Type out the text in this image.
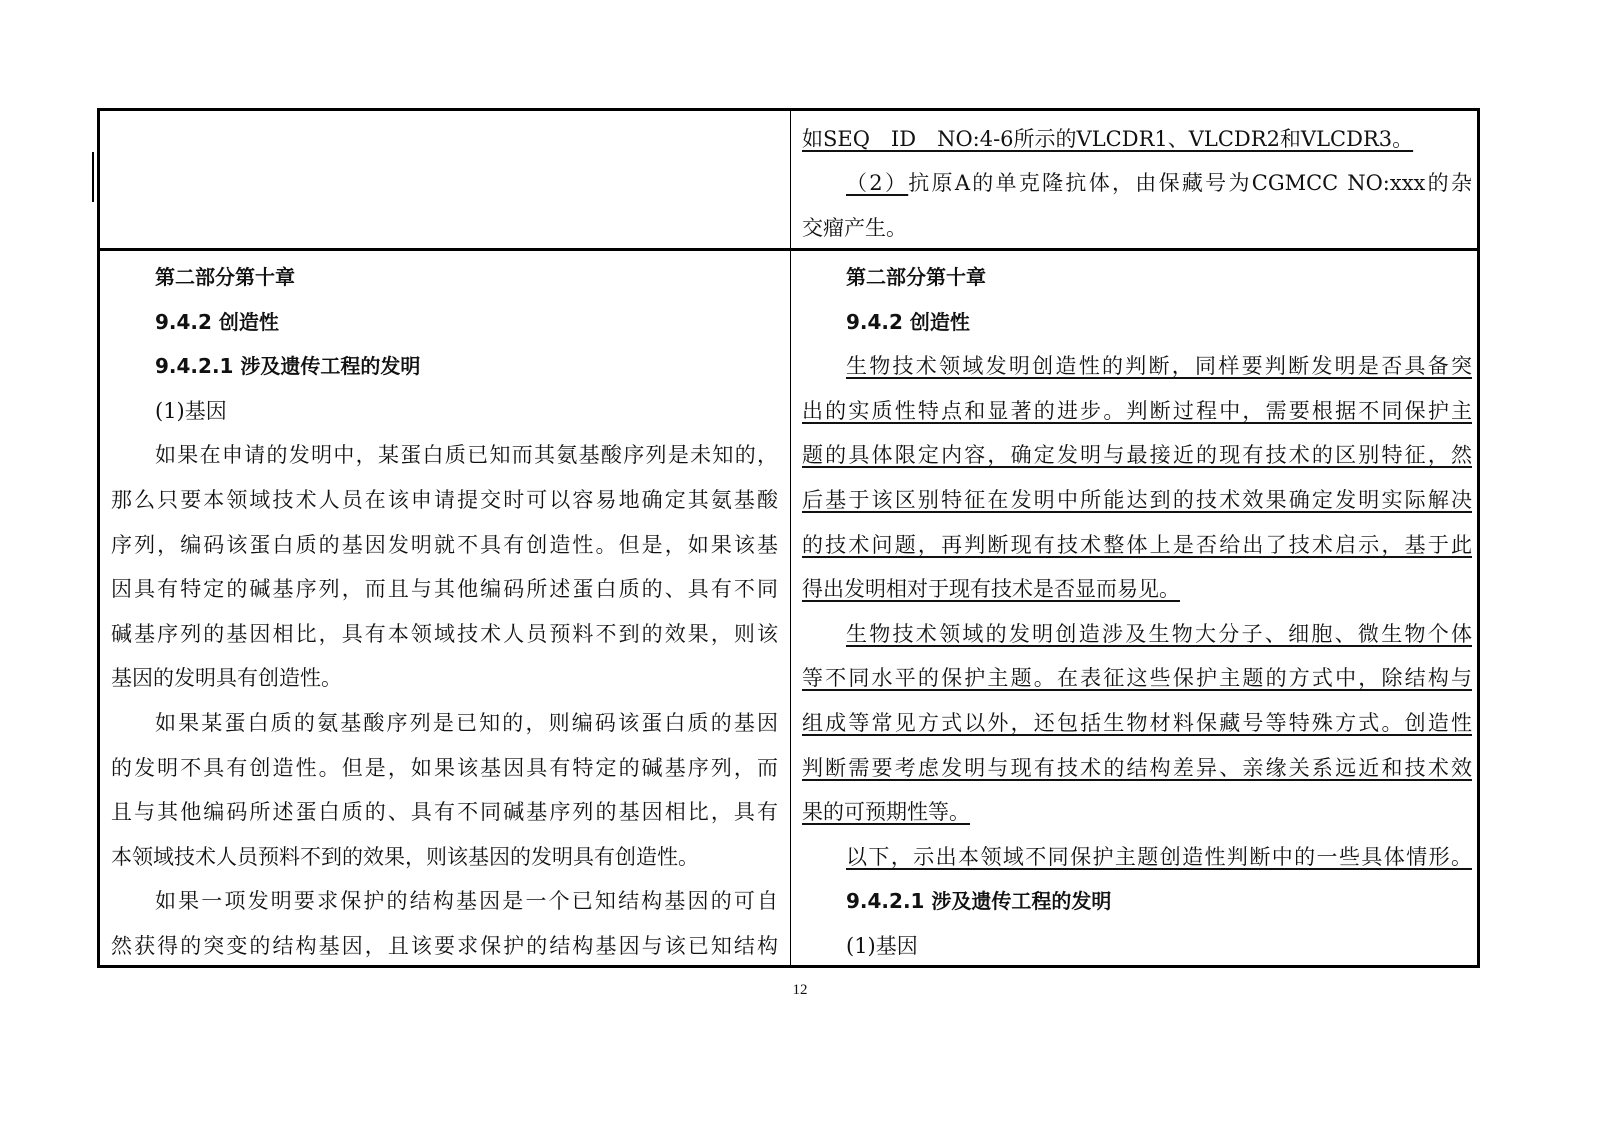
如SEQ　ID　NO:4-6所示的VLCDR1、VLCDR2和VLCDR3。
（2）抗原A的单克隆抗体，由保藏号为CGMCC NO:xxx的杂
交瘤产生。
第二部分第十章
9.4.2 创造性
9.4.2.1 涉及遗传工程的发明
(1)基因
如果在申请的发明中，某蛋白质已知而其氨基酸序列是未知的，
那么只要本领域技术人员在该申请提交时可以容易地确定其氨基酸
序列，编码该蛋白质的基因发明就不具有创造性。但是，如果该基
因具有特定的碱基序列，而且与其他编码所述蛋白质的、具有不同
碱基序列的基因相比，具有本领域技术人员预料不到的效果，则该
基因的发明具有创造性。
如果某蛋白质的氨基酸序列是已知的，则编码该蛋白质的基因
的发明不具有创造性。但是，如果该基因具有特定的碱基序列，而
且与其他编码所述蛋白质的、具有不同碱基序列的基因相比，具有
本领域技术人员预料不到的效果，则该基因的发明具有创造性。
如果一项发明要求保护的结构基因是一个已知结构基因的可自
然获得的突变的结构基因，且该要求保护的结构基因与该已知结构
第二部分第十章
9.4.2 创造性
生物技术领域发明创造性的判断，同样要判断发明是否具备突
出的实质性特点和显著的进步。判断过程中，需要根据不同保护主
题的具体限定内容，确定发明与最接近的现有技术的区别特征，然
后基于该区别特征在发明中所能达到的技术效果确定发明实际解决
的技术问题，再判断现有技术整体上是否给出了技术启示，基于此
得出发明相对于现有技术是否显而易见。
生物技术领域的发明创造涉及生物大分子、细胞、微生物个体
等不同水平的保护主题。在表征这些保护主题的方式中，除结构与
组成等常见方式以外，还包括生物材料保藏号等特殊方式。创造性
判断需要考虑发明与现有技术的结构差异、亲缘关系远近和技术效
果的可预期性等。
以下，示出本领域不同保护主题创造性判断中的一些具体情形。
9.4.2.1 涉及遗传工程的发明
(1)基因
12
